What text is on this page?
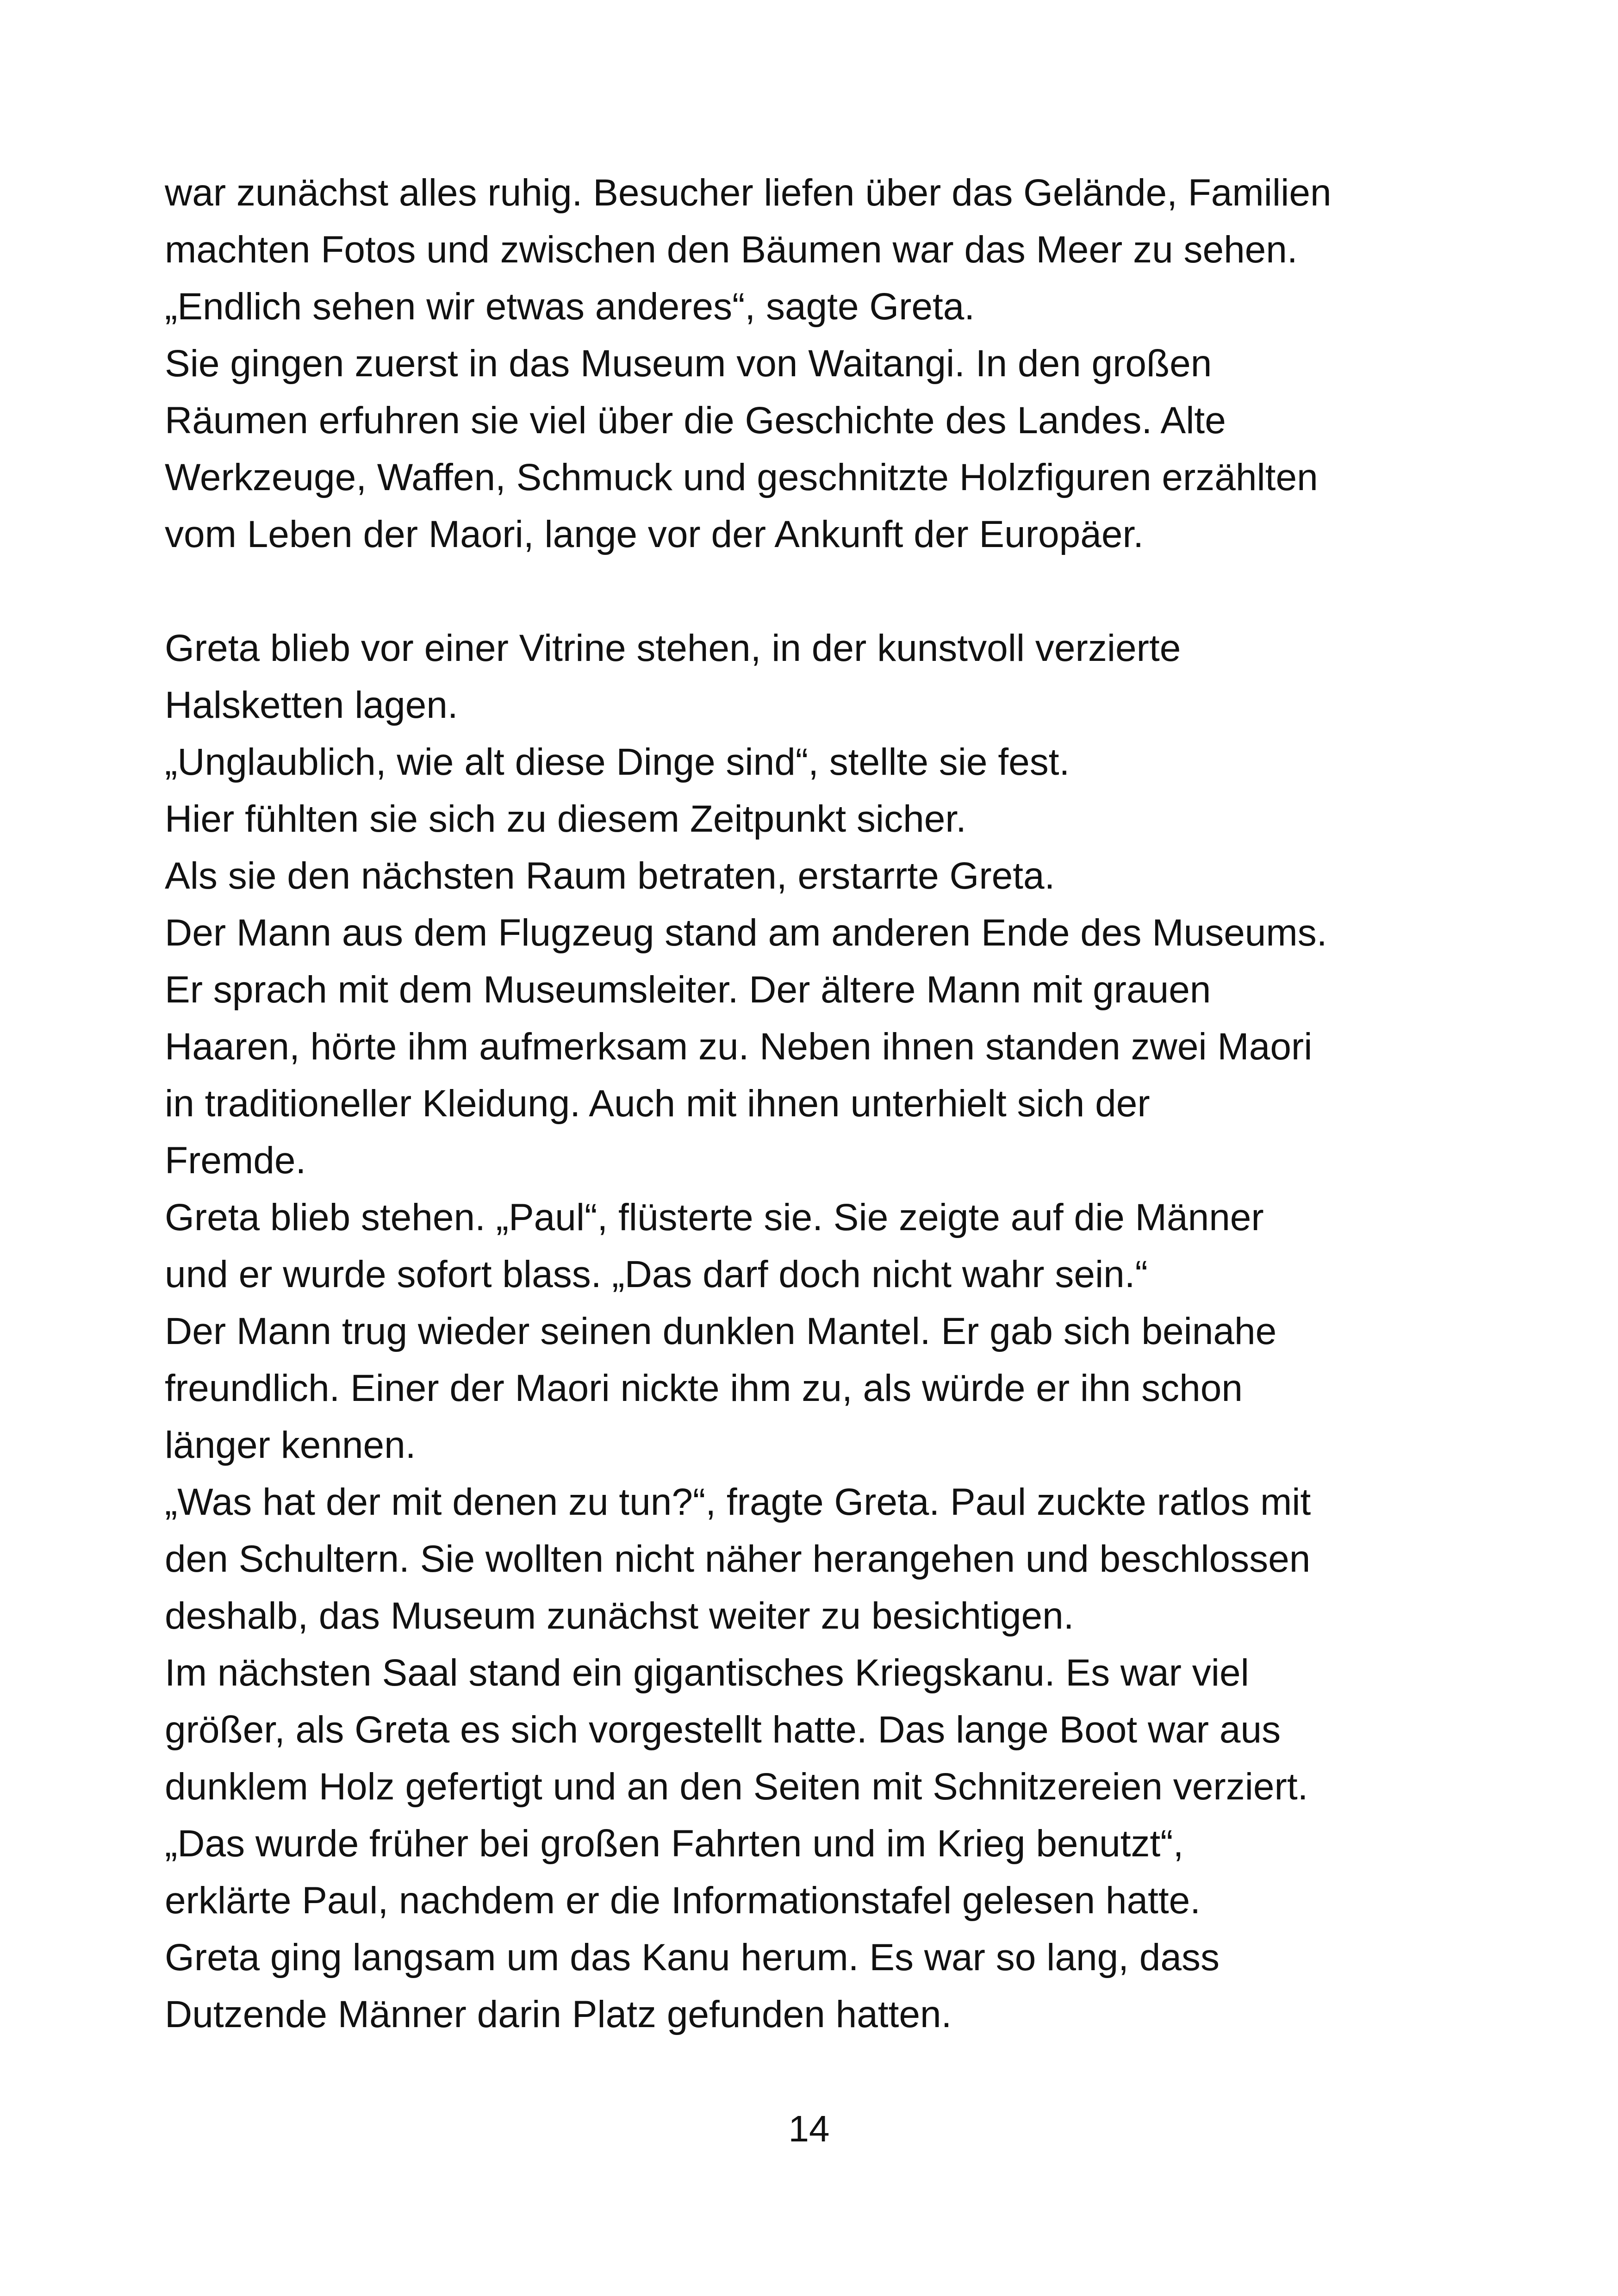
war zunächst alles ruhig. Besucher liefen über das Gelände, Familien
machten Fotos und zwischen den Bäumen war das Meer zu sehen.
„Endlich sehen wir etwas anderes“, sagte Greta.
Sie gingen zuerst in das Museum von Waitangi. In den großen
Räumen erfuhren sie viel über die Geschichte des Landes. Alte
Werkzeuge, Waffen, Schmuck und geschnitzte Holzfiguren erzählten
vom Leben der Maori, lange vor der Ankunft der Europäer.
Greta blieb vor einer Vitrine stehen, in der kunstvoll verzierte
Halsketten lagen.
„Unglaublich, wie alt diese Dinge sind“, stellte sie fest.
Hier fühlten sie sich zu diesem Zeitpunkt sicher.
Als sie den nächsten Raum betraten, erstarrte Greta.
Der Mann aus dem Flugzeug stand am anderen Ende des Museums.
Er sprach mit dem Museumsleiter. Der ältere Mann mit grauen
Haaren, hörte ihm aufmerksam zu. Neben ihnen standen zwei Maori
in traditioneller Kleidung. Auch mit ihnen unterhielt sich der
Fremde.
Greta blieb stehen. „Paul“, flüsterte sie. Sie zeigte auf die Männer
und er wurde sofort blass. „Das darf doch nicht wahr sein.“
Der Mann trug wieder seinen dunklen Mantel. Er gab sich beinahe
freundlich. Einer der Maori nickte ihm zu, als würde er ihn schon
länger kennen.
„Was hat der mit denen zu tun?“, fragte Greta. Paul zuckte ratlos mit
den Schultern. Sie wollten nicht näher herangehen und beschlossen
deshalb, das Museum zunächst weiter zu besichtigen.
Im nächsten Saal stand ein gigantisches Kriegskanu. Es war viel
größer, als Greta es sich vorgestellt hatte. Das lange Boot war aus
dunklem Holz gefertigt und an den Seiten mit Schnitzereien verziert.
„Das wurde früher bei großen Fahrten und im Krieg benutzt“,
erklärte Paul, nachdem er die Informationstafel gelesen hatte.
Greta ging langsam um das Kanu herum. Es war so lang, dass
Dutzende Männer darin Platz gefunden hatten.
14
